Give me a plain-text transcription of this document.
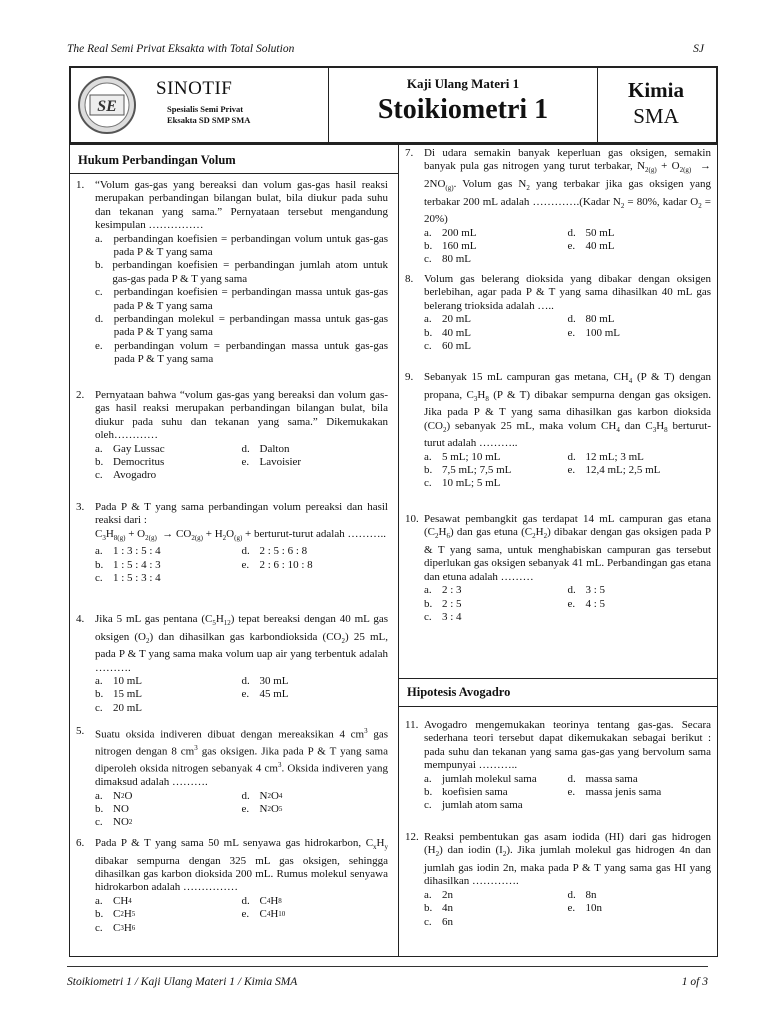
The Real Semi Privat Eksakta with Total Solution	SJ
SE
SINOTIF
Spesialis Semi Privat
Eksakta SD SMP SMA
Kaji Ulang Materi 1
Stoikiometri 1
Kimia
SMA
Hukum Perbandingan Volum
1. “Volum gas-gas yang bereaksi dan volum gas-gas hasil reaksi merupakan perbandingan bilangan bulat, bila diukur pada suhu dan tekanan yang sama.” Pernyataan tersebut mengandung kesimpulan ……………
a. perbandingan koefisien = perbandingan volum untuk gas-gas pada P & T yang sama
b. perbandingan koefisien = perbandingan jumlah atom untuk gas-gas pada P & T yang sama
c. perbandingan koefisien = perbandingan massa untuk gas-gas pada P & T yang sama
d. perbandingan molekul = perbandingan massa untuk gas-gas pada P & T yang sama
e.	perbandingan volum = perbandingan massa untuk gas-gas pada P & T yang sama
2. Pernyataan bahwa “volum gas-gas yang bereaksi dan volum gas-gas hasil reaksi merupakan perbandingan bilangan bulat, bila diukur pada suhu dan tekanan yang sama.” Dikemukakan oleh…………
a. Gay Lussac	d. Dalton
b. Democritus	e. Lavoisier
c. Avogadro
3. Pada P & T yang sama perbandingan volum pereaksi dan hasil reaksi dari :
$C_3H_{8(g)} + O_{2(g)} \to CO_{2(g)} + H_2O_{(g)}$ + berturut-turut adalah ………..
a. 1 : 3 : 5 : 4	d. 2 : 5 : 6 : 8
b. 1 : 5 : 4 : 3	e. 2 : 6 : 10 : 8
c. 1 : 5 : 3 : 4
4. Jika 5 mL gas pentana $(C_5H_{12})$ tepat bereaksi dengan 40 mL gas oksigen $(O_2)$ dan dihasilkan gas karbondioksida $(CO_2)$ 25 mL, pada P & T yang sama maka volum uap air yang terbentuk adalah ……….
a. 10 mL	d. 30 mL
b. 15 mL	e. 45 mL
c. 20 mL
5. Suatu oksida indiveren dibuat dengan mereaksikan 4 $cm^3$ gas nitrogen dengan 8 $cm^3$ gas oksigen. Jika pada P & T yang sama diperoleh oksida nitrogen sebanyak 4 $cm^3$. Oksida indiveren yang dimaksud adalah ……….
a. N 2 O	d. N 2 O 4
b. NO	e. N 2 O 5
c. NO 2
6. Pada P & T yang sama 50 mL senyawa gas hidrokarbon, $C_xH_y$ dibakar sempurna dengan 325 mL gas oksigen, sehingga dihasilkan gas karbon dioksida 200 mL. Rumus molekul senyawa hidrokarbon adalah ……………
a. CH 4	d. C 4 H 8
b. C 2 H 5	e. C 4 H 10
c. C 3 H 6
7. Di udara semakin banyak keperluan gas oksigen, semakin banyak pula gas nitrogen yang turut terbakar, $N_{2(g)} + O_{2(g)} \to 2NO_{(g)}$. Volum gas $N_2$ yang terbakar jika gas oksigen yang terbakar 200 mL adalah ………….(Kadar $N_2 = 80\%$, kadar $O_2 = 20\%$)
a. 200 mL	d. 50 mL
b. 160 mL	e. 40 mL
c. 80 mL
8. Volum gas belerang dioksida yang dibakar dengan oksigen berlebihan, agar pada P & T yang sama dihasilkan 40 mL gas belerang trioksida adalah …..
a. 20 mL	d. 80 mL
b. 40 mL	e. 100 mL
c. 60 mL
9. Sebanyak 15 mL campuran gas metana, $CH_4$ (P & T) dengan propana, $C_3H_8$ (P & T) dibakar sempurna dengan gas oksigen. Jika pada P & T yang sama dihasilkan gas karbon dioksida $(CO_2)$ sebanyak 25 mL, maka volum $CH_4$ dan $C_3H_8$ berturut-turut adalah ………..
a. 5 mL; 10 mL	d. 12 mL; 3 mL
b. 7,5 mL; 7,5 mL	e. 12,4 mL; 2,5 mL
c. 10 mL; 5 mL
10. Pesawat pembangkit gas terdapat 14 mL campuran gas etana $(C_2H_6)$ dan gas etuna $(C_2H_2)$ dibakar dengan gas oksigen pada P & T yang sama, untuk menghabiskan campuran gas tersebut diperlukan gas oksigen sebanyak 41 mL. Perbandingan gas etana dan etuna adalah ………
a. 2 : 3	d. 3 : 5
b. 2 : 5	e. 4 : 5
c. 3 : 4
Hipotesis Avogadro
11. Avogadro mengemukakan teorinya tentang gas-gas. Secara sederhana teori tersebut dapat dikemukakan sebagai berikut : pada suhu dan tekanan yang sama gas-gas yang bervolum sama mempunyai ………..
a. jumlah molekul sama	d. massa sama
b. koefisien sama	e. massa jenis sama
c. jumlah atom sama
12. Reaksi pembentukan gas asam iodida (HI) dari gas hidrogen $(H_2)$ dan iodin $(I_2)$. Jika jumlah molekul gas hidrogen 4n dan jumlah gas iodin 2n, maka pada P & T yang sama gas HI yang dihasilkan ………….
a. 2n	d. 8n
b. 4n	e. 10n
c. 6n
Stoikiometri 1 / Kaji Ulang Materi 1 / Kimia SMA	1 of 3
